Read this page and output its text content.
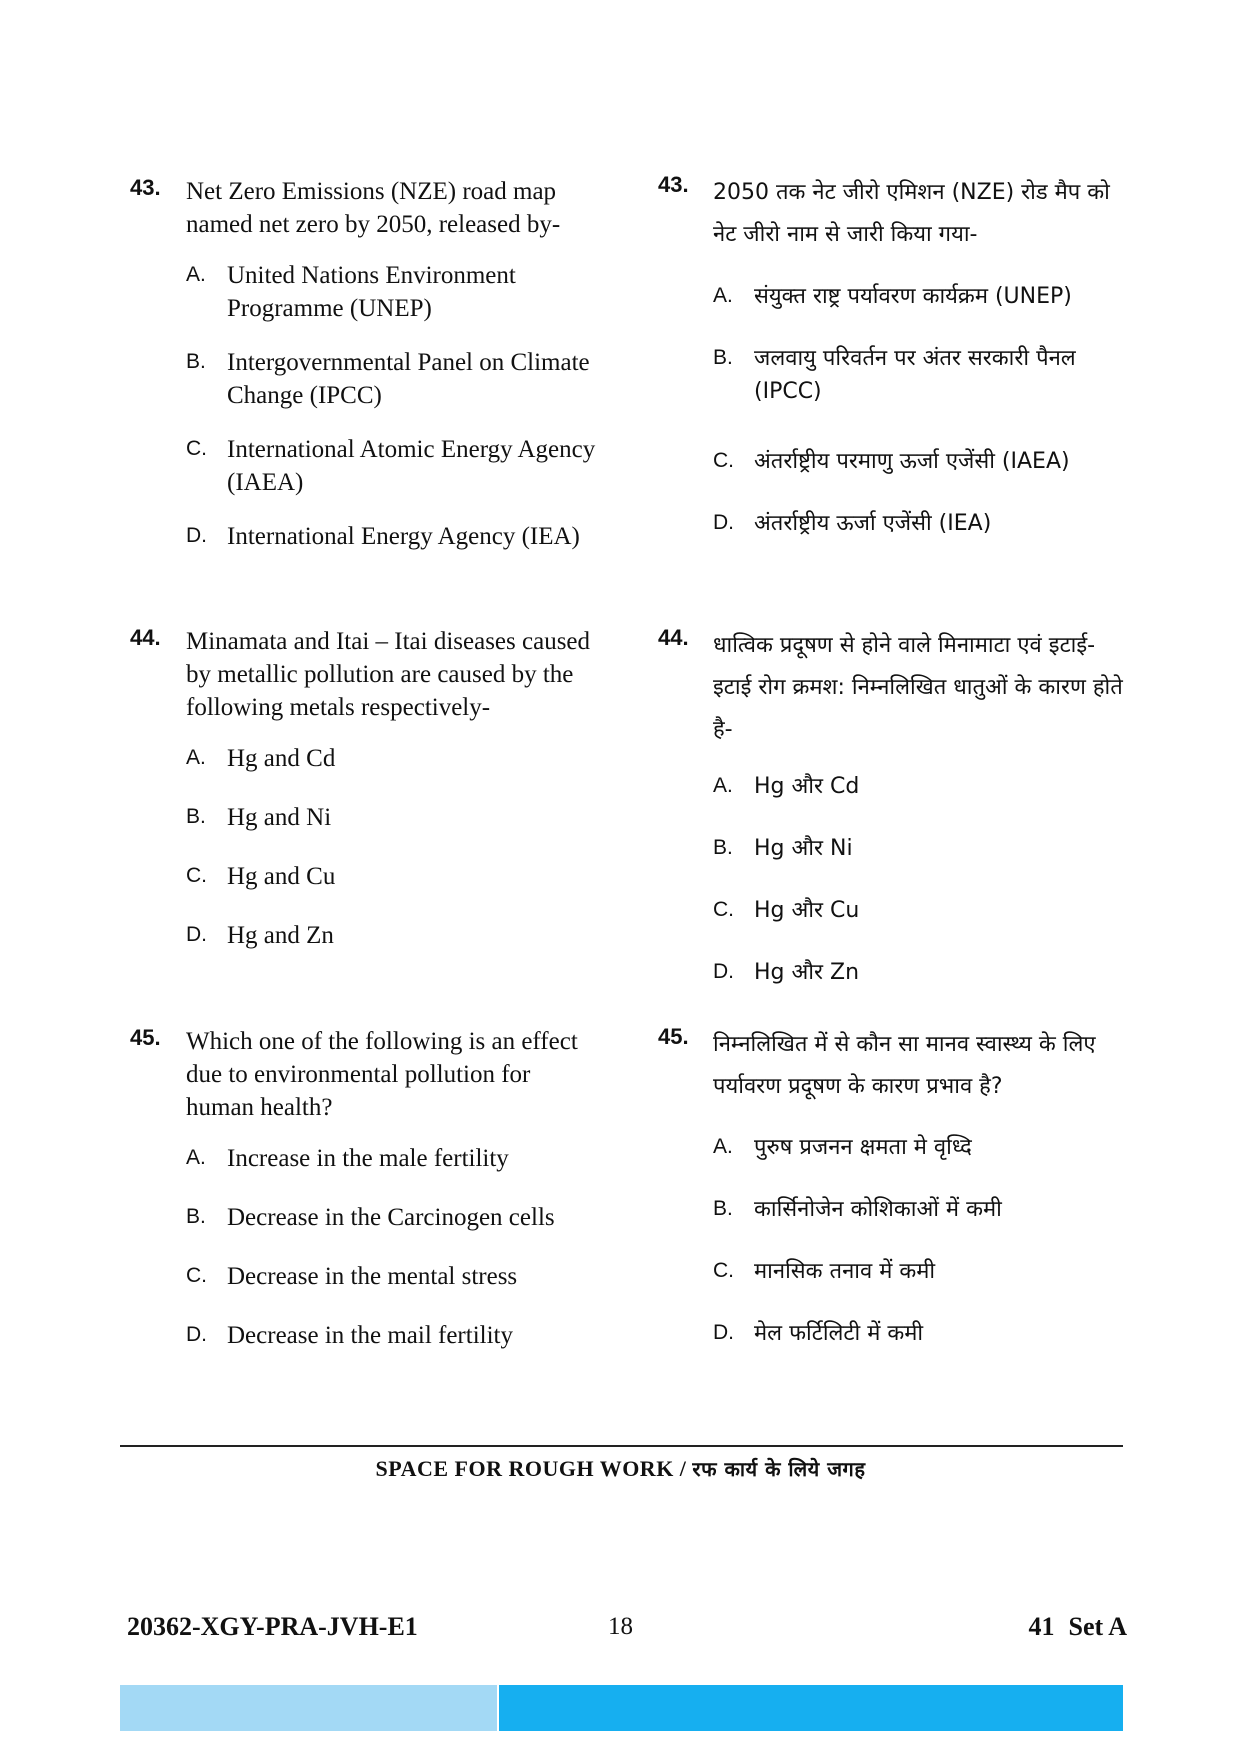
43. Net Zero Emissions (NZE) road map named net zero by 2050, released by-
A. United Nations Environment Programme (UNEP)
B. Intergovernmental Panel on Climate Change (IPCC)
C. International Atomic Energy Agency (IAEA)
D. International Energy Agency (IEA)
44. Minamata and Itai – Itai diseases caused by metallic pollution are caused by the following metals respectively-
A. Hg and Cd
B. Hg and Ni
C. Hg and Cu
D. Hg and Zn
45. Which one of the following is an effect due to environmental pollution for human health?
A. Increase in the male fertility
B. Decrease in the Carcinogen cells
C. Decrease in the mental stress
D. Decrease in the mail fertility
43. 2050 तक नेट जीरो एमिशन (NZE) रोड मैप को नेट जीरो नाम से जारी किया गया-
A. संयुक्त राष्ट्र पर्यावरण कार्यक्रम (UNEP)
B. जलवायु परिवर्तन पर अंतर सरकारी पैनल (IPCC)
C. अंतर्राष्ट्रीय परमाणु ऊर्जा एजेंसी (IAEA)
D. अंतर्राष्ट्रीय ऊर्जा एजेंसी (IEA)
44. धात्विक प्रदूषण से होने वाले मिनामाटा एवं इटाई-इटाई रोग क्रमश: निम्नलिखित धातुओं के कारण होते है-
A. Hg और Cd
B. Hg और Ni
C. Hg और Cu
D. Hg और Zn
45. निम्नलिखित में से कौन सा मानव स्वास्थ्य के लिए पर्यावरण प्रदूषण के कारण प्रभाव है?
A. पुरुष प्रजनन क्षमता मे वृध्दि
B. कार्सिनोजेन कोशिकाओं में कमी
C. मानसिक तनाव में कमी
D. मेल फर्टिलिटी में कमी
SPACE FOR ROUGH WORK / रफ कार्य के लिये जगह
20362-XGY-PRA-JVH-E1	18	41 Set A
